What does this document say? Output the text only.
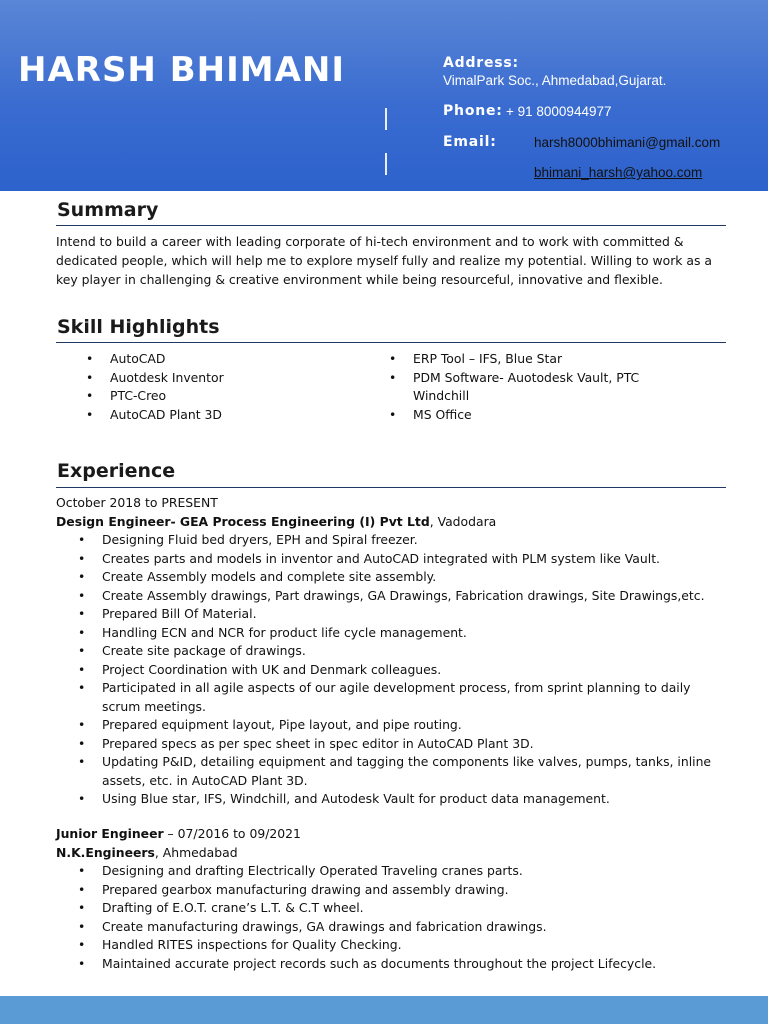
HARSH BHIMANI	Address:
VimalPark Soc., Ahmedabad,Gujarat.
Phone: + 91 8000944977
Email:	harsh8000bhimani@gmail.com
bhimani_harsh@yahoo.com
Summary

Intend to build a career with leading corporate of hi-tech environment and to work with committed & dedicated people, which will help me to explore myself fully and realize my potential. Willing to work as a key player in challenging & creative environment while being resourceful, innovative and flexible.

Skill Highlights
• AutoCAD
• Auotdesk Inventor
• PTC-Creo
• AutoCAD Plant 3D
• ERP Tool – IFS, Blue Star
• PDM Software- Auotodesk Vault, PTC Windchill
• MS Office
Experience
October 2018 to PRESENT
Design Engineer- GEA Process Engineering (I) Pvt Ltd, Vadodara
• Designing Fluid bed dryers, EPH and Spiral freezer.
• Creates parts and models in inventor and AutoCAD integrated with PLM system like Vault.
• Create Assembly models and complete site assembly.
• Create Assembly drawings, Part drawings, GA Drawings, Fabrication drawings, Site Drawings,etc.
• Prepared Bill Of Material.
• Handling ECN and NCR for product life cycle management.
• Create site package of drawings.
• Project Coordination with UK and Denmark colleagues.
• Participated in all agile aspects of our agile development process, from sprint planning to daily scrum meetings.
• Prepared equipment layout, Pipe layout, and pipe routing.
• Prepared specs as per spec sheet in spec editor in AutoCAD Plant 3D.
• Updating P&ID, detailing equipment and tagging the components like valves, pumps, tanks, inline assets, etc. in AutoCAD Plant 3D.
• Using Blue star, IFS, Windchill, and Autodesk Vault for product data management.
Junior Engineer – 07/2016 to 09/2021
N.K.Engineers, Ahmedabad
• Designing and drafting Electrically Operated Traveling cranes parts.
• Prepared gearbox manufacturing drawing and assembly drawing.
• Drafting of E.O.T. crane’s L.T. & C.T wheel.
• Create manufacturing drawings, GA drawings and fabrication drawings.
• Handled RITES inspections for Quality Checking.
• Maintained accurate project records such as documents throughout the project Lifecycle.
